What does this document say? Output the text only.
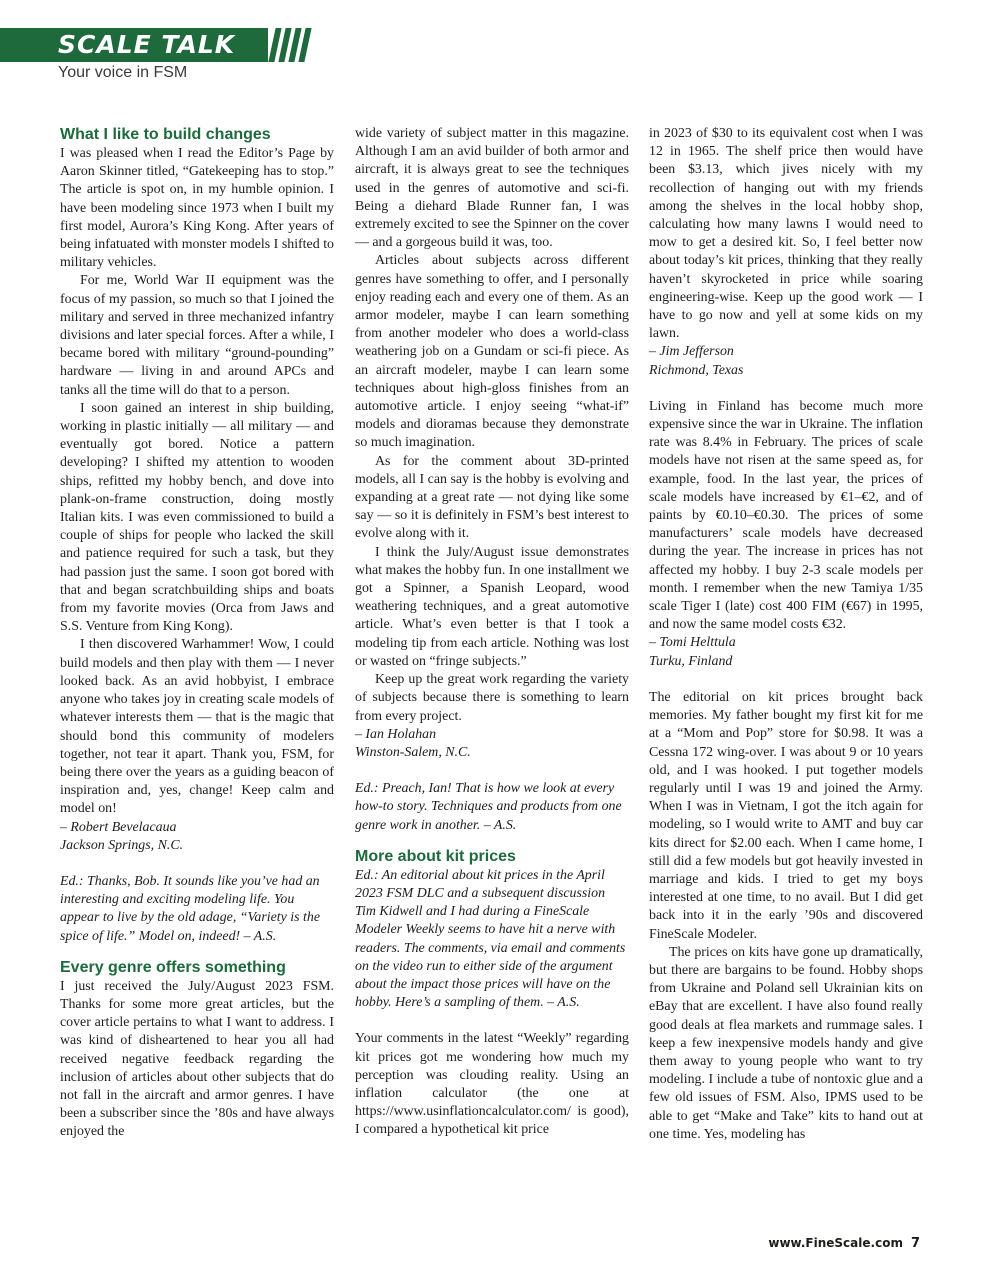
SCALE TALK
Your voice in FSM
What I like to build changes

I was pleased when I read the Editor’s Page by Aaron Skinner titled, “Gatekeeping has to stop.” The article is spot on, in my humble opinion. I have been modeling since 1973 when I built my first model, Aurora’s King Kong. After years of being infatuated with monster models I shifted to military vehicles.

For me, World War II equipment was the focus of my passion, so much so that I joined the military and served in three mechanized infantry divisions and later special forces. After a while, I became bored with military “ground-pounding” hardware — living in and around APCs and tanks all the time will do that to a person.

I soon gained an interest in ship building, working in plastic initially — all military — and eventually got bored. Notice a pattern developing? I shifted my attention to wooden ships, refitted my hobby bench, and dove into plank-on-frame construction, doing mostly Italian kits. I was even commissioned to build a couple of ships for people who lacked the skill and patience required for such a task, but they had passion just the same. I soon got bored with that and began scratchbuilding ships and boats from my favorite movies (Orca from Jaws and S.S. Venture from King Kong).

I then discovered Warhammer! Wow, I could build models and then play with them — I never looked back. As an avid hobbyist, I embrace anyone who takes joy in creating scale models of whatever interests them — that is the magic that should bond this community of modelers together, not tear it apart. Thank you, FSM, for being there over the years as a guiding beacon of inspiration and, yes, change! Keep calm and model on!

– Robert Bevelacaua

Jackson Springs, N.C.

Ed.: Thanks, Bob. It sounds like you’ve had an interesting and exciting modeling life. You appear to live by the old adage, “Variety is the spice of life.” Model on, indeed! – A.S.

Every genre offers something

I just received the July/August 2023 FSM. Thanks for some more great articles, but the cover article pertains to what I want to address. I was kind of disheartened to hear you all had received negative feedback regarding the inclusion of articles about other subjects that do not fall in the aircraft and armor genres. I have been a subscriber since the ’80s and have always enjoyed the

wide variety of subject matter in this magazine. Although I am an avid builder of both armor and aircraft, it is always great to see the techniques used in the genres of automotive and sci-fi. Being a diehard Blade Runner fan, I was extremely excited to see the Spinner on the cover — and a gorgeous build it was, too.

Articles about subjects across different genres have something to offer, and I personally enjoy reading each and every one of them. As an armor modeler, maybe I can learn something from another modeler who does a world-class weathering job on a Gundam or sci-fi piece. As an aircraft modeler, maybe I can learn some techniques about high-gloss finishes from an automotive article. I enjoy seeing “what-if” models and dioramas because they demonstrate so much imagination.

As for the comment about 3D-printed models, all I can say is the hobby is evolving and expanding at a great rate — not dying like some say — so it is definitely in FSM’s best interest to evolve along with it.

I think the July/August issue demonstrates what makes the hobby fun. In one installment we got a Spinner, a Spanish Leopard, wood weathering techniques, and a great automotive article. What’s even better is that I took a modeling tip from each article. Nothing was lost or wasted on “fringe subjects.”

Keep up the great work regarding the variety of subjects because there is something to learn from every project.

– Ian Holahan

Winston-Salem, N.C.

Ed.: Preach, Ian! That is how we look at every how-to story. Techniques and products from one genre work in another. – A.S.

More about kit prices

Ed.: An editorial about kit prices in the April 2023 FSM DLC and a subsequent discussion Tim Kidwell and I had during a FineScale Modeler Weekly seems to have hit a nerve with readers. The comments, via email and comments on the video run to either side of the argument about the impact those prices will have on the hobby. Here’s a sampling of them. – A.S.

Your comments in the latest “Weekly” regarding kit prices got me wondering how much my perception was clouding reality. Using an inflation calculator (the one at https://www.usinflationcalculator.com/ is good), I compared a hypothetical kit price

in 2023 of $30 to its equivalent cost when I was 12 in 1965. The shelf price then would have been $3.13, which jives nicely with my recollection of hanging out with my friends among the shelves in the local hobby shop, calculating how many lawns I would need to mow to get a desired kit. So, I feel better now about today’s kit prices, thinking that they really haven’t skyrocketed in price while soaring engineering-wise. Keep up the good work — I have to go now and yell at some kids on my lawn.

– Jim Jefferson

Richmond, Texas

Living in Finland has become much more expensive since the war in Ukraine. The inflation rate was 8.4% in February. The prices of scale models have not risen at the same speed as, for example, food. In the last year, the prices of scale models have increased by €1–€2, and of paints by €0.10–€0.30. The prices of some manufacturers’ scale models have decreased during the year. The increase in prices has not affected my hobby. I buy 2-3 scale models per month. I remember when the new Tamiya 1/35 scale Tiger I (late) cost 400 FIM (€67) in 1995, and now the same model costs €32.

– Tomi Helttula

Turku, Finland

The editorial on kit prices brought back memories. My father bought my first kit for me at a “Mom and Pop” store for $0.98. It was a Cessna 172 wing-over. I was about 9 or 10 years old, and I was hooked. I put together models regularly until I was 19 and joined the Army. When I was in Vietnam, I got the itch again for modeling, so I would write to AMT and buy car kits direct for $2.00 each. When I came home, I still did a few models but got heavily invested in marriage and kids. I tried to get my boys interested at one time, to no avail. But I did get back into it in the early ’90s and discovered FineScale Modeler.

The prices on kits have gone up dramatically, but there are bargains to be found. Hobby shops from Ukraine and Poland sell Ukrainian kits on eBay that are excellent. I have also found really good deals at flea markets and rummage sales. I keep a few inexpensive models handy and give them away to young people who want to try modeling. I include a tube of nontoxic glue and a few old issues of FSM. Also, IPMS used to be able to get “Make and Take” kits to hand out at one time. Yes, modeling has

www.FineScale.com 7
